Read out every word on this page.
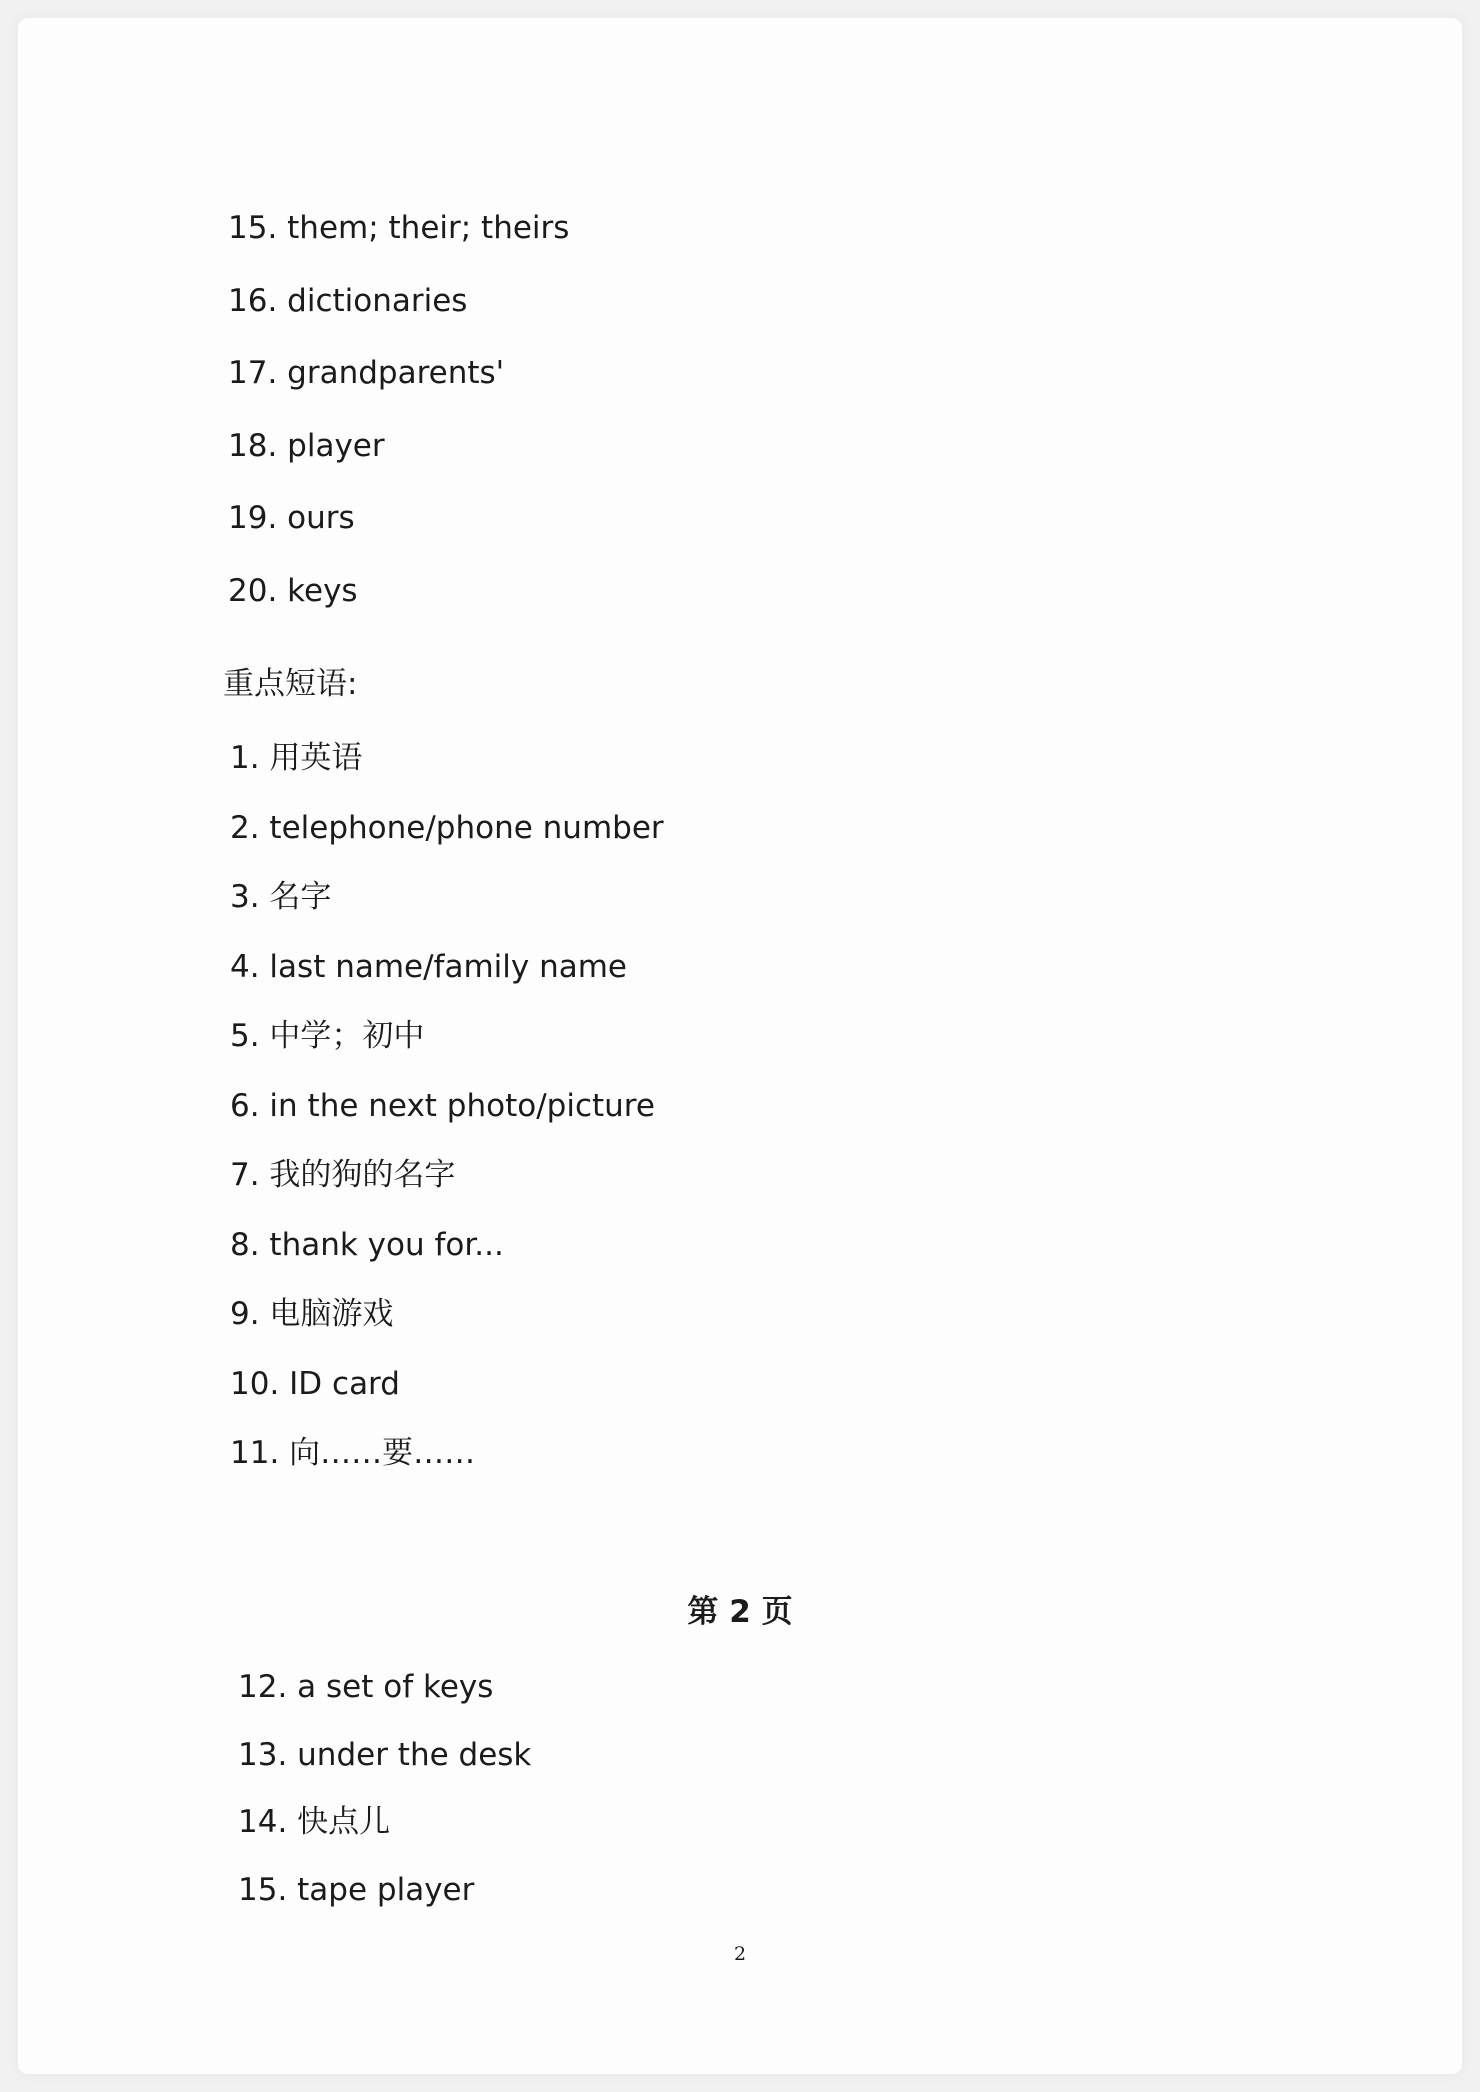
15. them; their; theirs
16. dictionaries
17. grandparents'
18. player
19. ours
20. keys
重点短语:
1. 用英语
2. telephone/phone number
3. 名字
4. last name/family name
5. 中学；初中
6. in the next photo/picture
7. 我的狗的名字
8. thank you for...
9. 电脑游戏
10. ID card
11. 向……要……
第 2 页
12. a set of keys
13. under the desk
14. 快点儿
15. tape player
2
